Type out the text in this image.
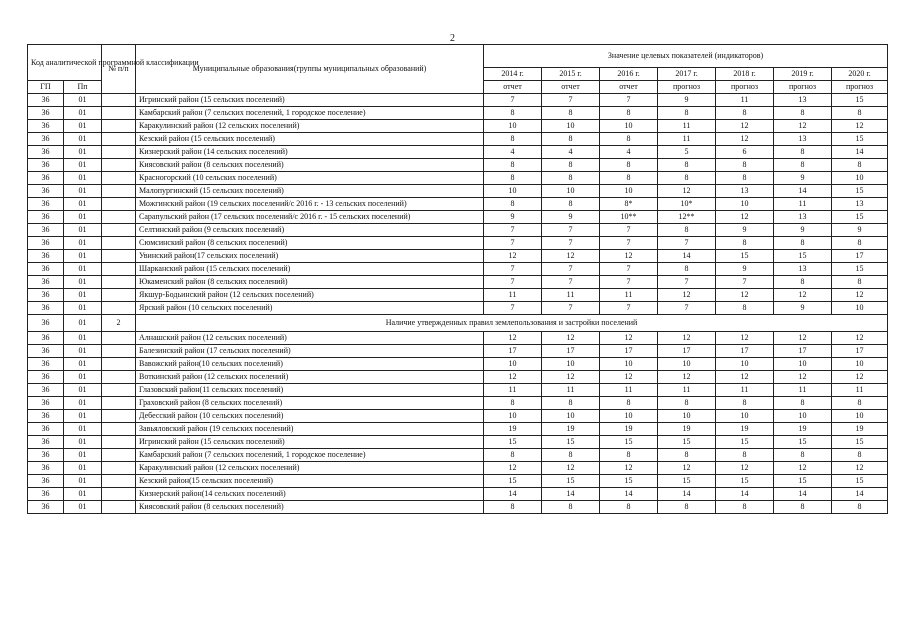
2
Код аналитической программной классификации		№ п/п	Муниципальные образования(группы муниципальных образований)	Значение целевых показателей (индикаторов)						
				2014 г.	2015 г.	2016 г.	2017 г.	2018 г.	2019 г.	2020 г.
ГП	Пп			отчет	отчет	отчет	прогноз	прогноз	прогноз	прогноз
36	01		Игринский район (15 сельских поселений)	7	7	7	9	11	13	15
36	01		Камбарский район (7 сельских поселений, 1 городское поселение)	8	8	8	8	8	8	8
36	01		Каракулинский район (12 сельских поселений)	10	10	10	11	12	12	12
36	01		Кезский район (15 сельских поселений)	8	8	8	11	12	13	15
36	01		Кизнерский район (14 сельских поселений)	4	4	4	5	6	8	14
36	01		Киясовский район (8 сельских поселений)	8	8	8	8	8	8	8
36	01		Красногорский (10 сельских поселений)	8	8	8	8	8	9	10
36	01		Малопургинский (15 сельских поселений)	10	10	10	12	13	14	15
36	01		Можгинский район (19 сельских поселений/с 2016 г. - 13 сельских поселений)	8	8	8*	10*	10	11	13
36	01		Сарапульский район (17 сельских поселений/с 2016 г. - 15 сельских поселений)	9	9	10**	12**	12	13	15
36	01		Селтинский район (9 сельских поселений)	7	7	7	8	9	9	9
36	01		Сюмсинский район (8 сельских поселений)	7	7	7	7	8	8	8
36	01		Увинский район(17 сельских поселений)	12	12	12	14	15	15	17
36	01		Шарканский район (15 сельских поселений)	7	7	7	8	9	13	15
36	01		Юкаменский район (8 сельских поселений)	7	7	7	7	7	8	8
36	01		Якшур-Бодьинский район (12 сельских поселений)	11	11	11	12	12	12	12
36	01		Ярский район (10 сельских поселений)	7	7	7	7	8	9	10
36	01	2	Наличие утвержденных правил землепользования и застройки поселений							
36	01		Алнашский район (12 сельских поселений)	12	12	12	12	12	12	12
36	01		Балезинский район (17 сельских поселений)	17	17	17	17	17	17	17
36	01		Вавожский район(10 сельских поселений)	10	10	10	10	10	10	10
36	01		Воткинский район (12 сельских поселений)	12	12	12	12	12	12	12
36	01		Глазовский район(11 сельских поселений)	11	11	11	11	11	11	11
36	01		Граховский район (8 сельских поселений)	8	8	8	8	8	8	8
36	01		Дебесский район (10 сельских поселений)	10	10	10	10	10	10	10
36	01		Завьяловский район (19 сельских поселений)	19	19	19	19	19	19	19
36	01		Игринский район (15 сельских поселений)	15	15	15	15	15	15	15
36	01		Камбарский район (7 сельских поселений, 1 городское поселение)	8	8	8	8	8	8	8
36	01		Каракулинский район (12 сельских поселений)	12	12	12	12	12	12	12
36	01		Кезский район(15 сельских поселений)	15	15	15	15	15	15	15
36	01		Кизнерский район(14 сельских поселений)	14	14	14	14	14	14	14
36	01		Киясовский район (8 сельских поселений)	8	8	8	8	8	8	8
